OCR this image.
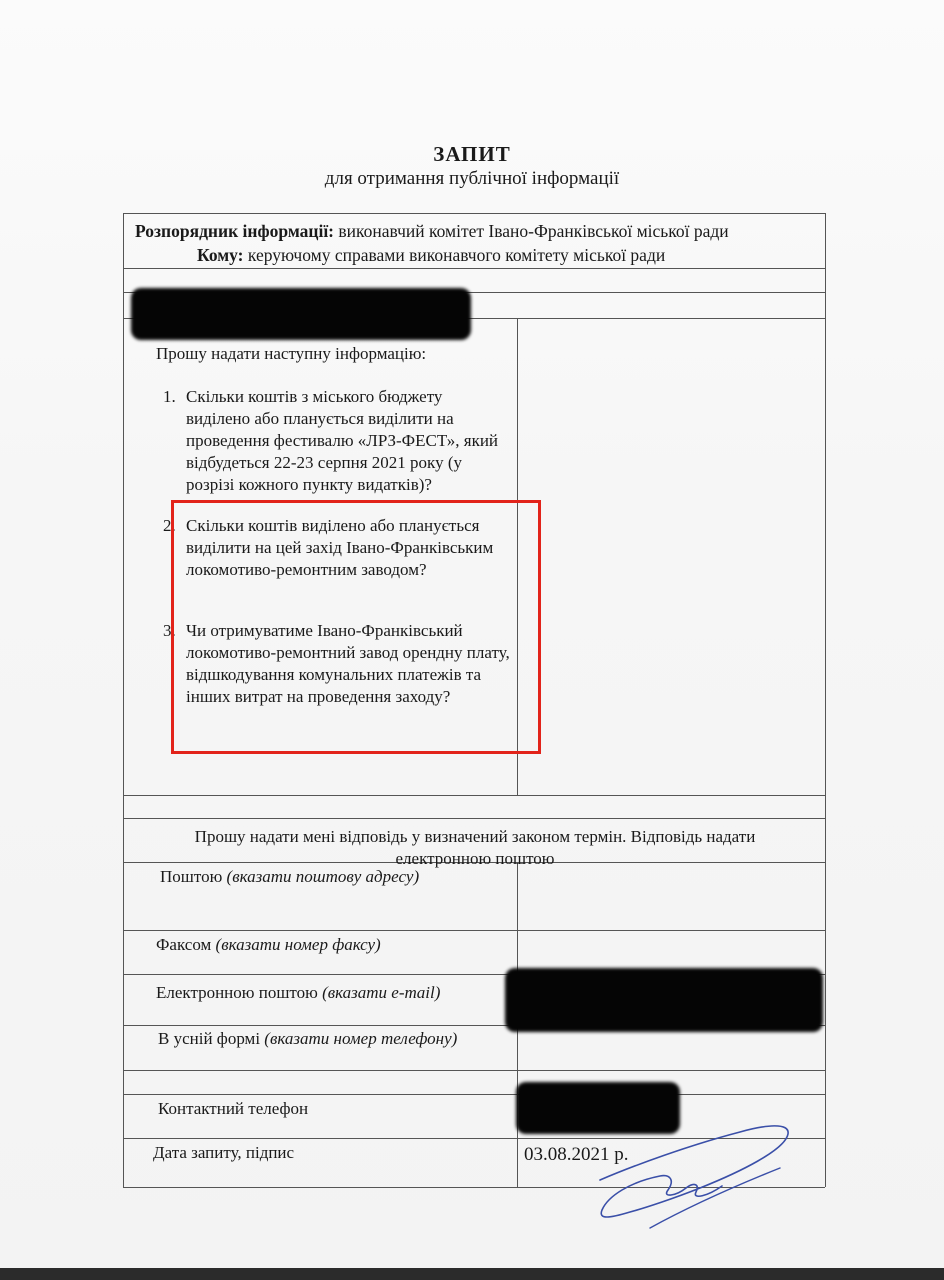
ЗАПИТ

для отримання публічної інформації

Розпорядник інформації: виконавчий комітет Івано-Франківської міської ради
Кому: керуючому справами виконавчого комітету міської ради
Прошу надати наступну інформацію:
1. Скільки коштів з міського бюджету виділено або планується виділити на проведення фестивалю «ЛРЗ-ФЕСТ», який відбудеться 22-23 серпня 2021 року (у розрізі кожного пункту видатків)?
2. Скільки коштів виділено або планується виділити на цей захід Івано-Франківським локомотиво-ремонтним заводом?
3. Чи отримуватиме Івано-Франківський локомотиво-ремонтний завод орендну плату, відшкодування комунальних платежів та інших витрат на проведення заходу?
Прошу надати мені відповідь у визначений законом термін. Відповідь надати електронною поштою
Поштою (вказати поштову адресу)
Факсом (вказати номер факсу)
Електронною поштою (вказати e-mail)
В усній формі (вказати номер телефону)
Контактний телефон
Дата запиту, підпис	03.08.2021 р.
